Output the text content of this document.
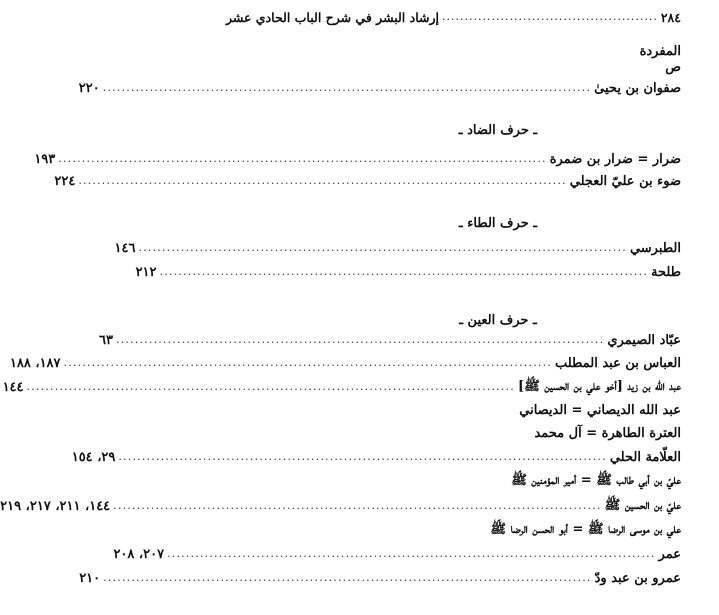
٢٨٤
................................................
إرشاد البشر في شرح الباب الحادي عشر
المفردة
ص
صفوان بن يحيىٰ
........................................................................................................
٢٢٠
ـ حرف الضاد ـ
ضرار = ضرار بن ضمرة
........................................................................................................
١٩٣
ضوء بن عليّ العجلي
........................................................................................................
٢٢٤
ـ حرف الطاء ـ
الطبرسي
........................................................................................................
١٤٦
طلحة
........................................................................................................
٢١٢
ـ حرف العين ـ
عبّاد الصيمري
........................................................................................................
٦٣
العباس بن عبد المطلب
........................................................................................................
١٨٧، ١٨٨
عبد الله بن زيد [أخو علي بن الحسين ﷺ]
........................................................................................................
١٤٤
عبد الله الديصاني = الديصاني
العترة الطاهرة = آل محمد
العلّامة الحلي
........................................................................................................
٢٩، ١٥٤
عليّ بن أبي طالب ﷺ = أمير المؤمنين ﷺ
عليّ بن الحسين ﷺ
........................................................................................................
١٤٤، ٢١١، ٢١٧، ٢١٩
علي بن موسى الرضا ﷺ = أبو الحسن الرضا ﷺ
عمر
........................................................................................................
٢٠٧، ٢٠٨
عمرو بن عبد ودّ
........................................................................................................
٢١٠
